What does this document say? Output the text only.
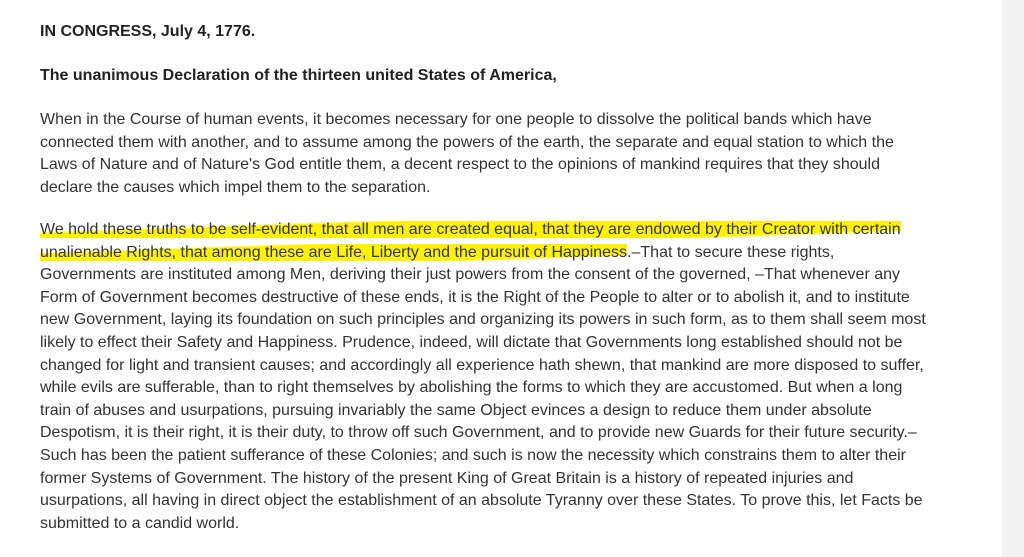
IN CONGRESS, July 4, 1776.

The unanimous Declaration of the thirteen united States of America,

When in the Course of human events, it becomes necessary for one people to dissolve the political bands which have
connected them with another, and to assume among the powers of the earth, the separate and equal station to which the
Laws of Nature and of Nature's God entitle them, a decent respect to the opinions of mankind requires that they should
declare the causes which impel them to the separation.

We hold these truths to be self-evident, that all men are created equal, that they are endowed by their Creator with certain
unalienable Rights, that among these are Life, Liberty and the pursuit of Happiness.–That to secure these rights,
Governments are instituted among Men, deriving their just powers from the consent of the governed, –That whenever any
Form of Government becomes destructive of these ends, it is the Right of the People to alter or to abolish it, and to institute
new Government, laying its foundation on such principles and organizing its powers in such form, as to them shall seem most
likely to effect their Safety and Happiness. Prudence, indeed, will dictate that Governments long established should not be
changed for light and transient causes; and accordingly all experience hath shewn, that mankind are more disposed to suffer,
while evils are sufferable, than to right themselves by abolishing the forms to which they are accustomed. But when a long
train of abuses and usurpations, pursuing invariably the same Object evinces a design to reduce them under absolute
Despotism, it is their right, it is their duty, to throw off such Government, and to provide new Guards for their future security.–
Such has been the patient sufferance of these Colonies; and such is now the necessity which constrains them to alter their
former Systems of Government. The history of the present King of Great Britain is a history of repeated injuries and
usurpations, all having in direct object the establishment of an absolute Tyranny over these States. To prove this, let Facts be
submitted to a candid world.
